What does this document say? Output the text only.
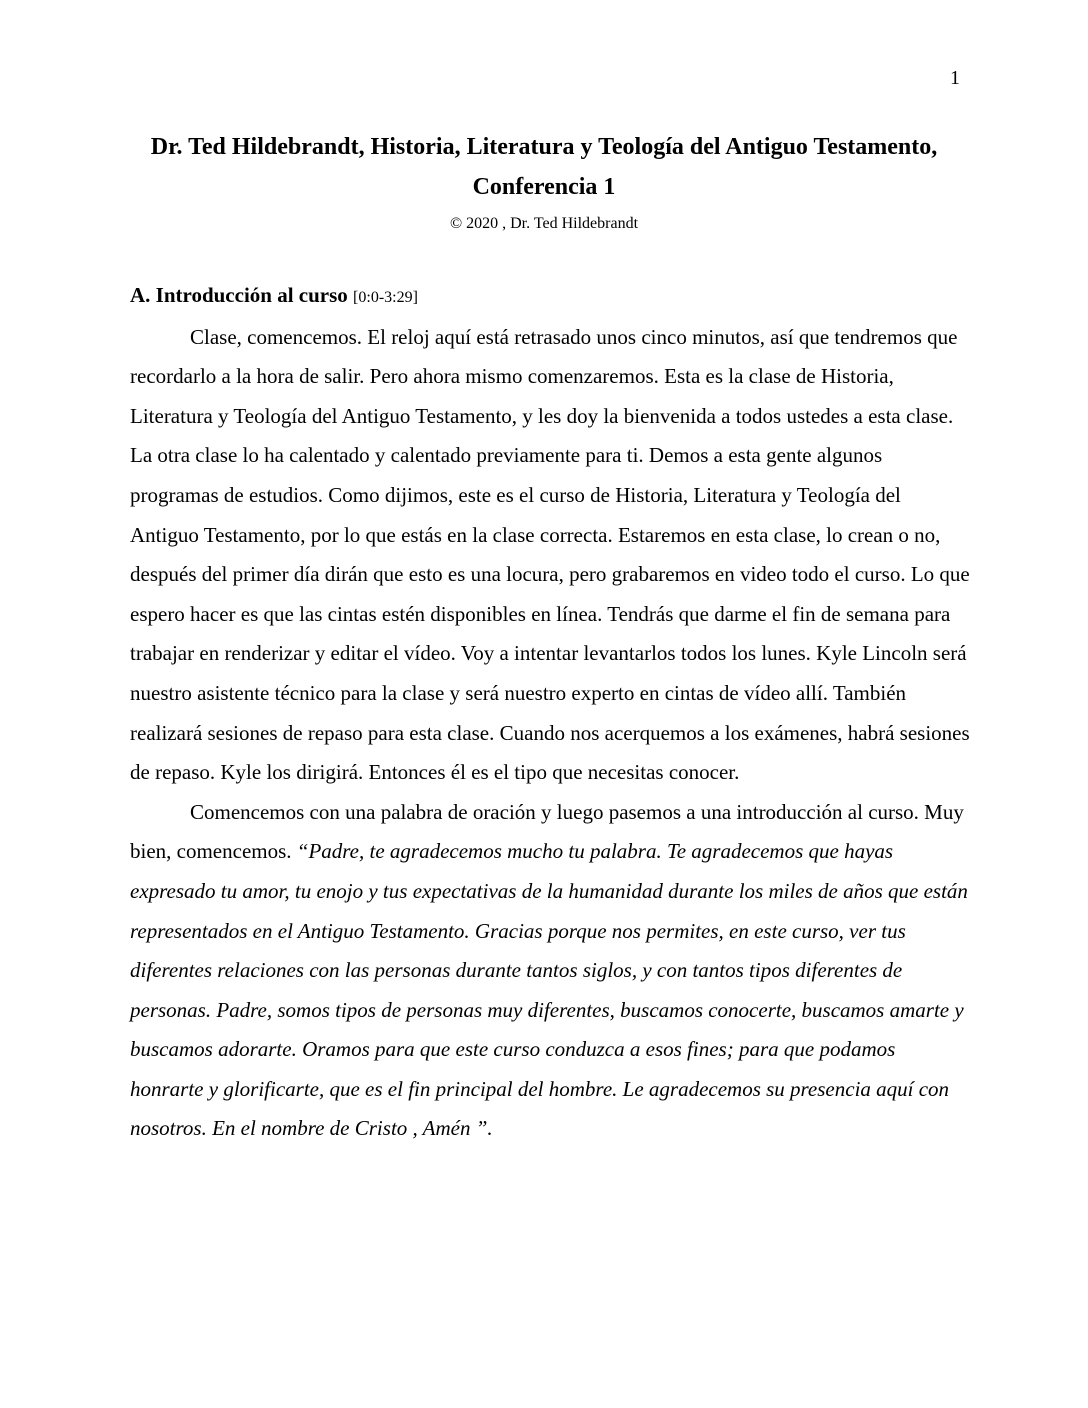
1
Dr. Ted Hildebrandt, Historia, Literatura y Teología del Antiguo Testamento, Conferencia 1
© 2020 , Dr. Ted Hildebrandt

A. Introducción al curso [0:0-3:29]

Clase, comencemos. El reloj aquí está retrasado unos cinco minutos, así que tendremos que recordarlo a la hora de salir. Pero ahora mismo comenzaremos. Esta es la clase de Historia, Literatura y Teología del Antiguo Testamento, y les doy la bienvenida a todos ustedes a esta clase. La otra clase lo ha calentado y calentado previamente para ti. Demos a esta gente algunos programas de estudios. Como dijimos, este es el curso de Historia, Literatura y Teología del Antiguo Testamento, por lo que estás en la clase correcta. Estaremos en esta clase, lo crean o no, después del primer día dirán que esto es una locura, pero grabaremos en video todo el curso. Lo que espero hacer es que las cintas estén disponibles en línea. Tendrás que darme el fin de semana para trabajar en renderizar y editar el vídeo. Voy a intentar levantarlos todos los lunes. Kyle Lincoln será nuestro asistente técnico para la clase y será nuestro experto en cintas de vídeo allí. También realizará sesiones de repaso para esta clase. Cuando nos acerquemos a los exámenes, habrá sesiones de repaso. Kyle los dirigirá. Entonces él es el tipo que necesitas conocer.

Comencemos con una palabra de oración y luego pasemos a una introducción al curso. Muy bien, comencemos. “Padre, te agradecemos mucho tu palabra. Te agradecemos que hayas expresado tu amor, tu enojo y tus expectativas de la humanidad durante los miles de años que están representados en el Antiguo Testamento. Gracias porque nos permites, en este curso, ver tus diferentes relaciones con las personas durante tantos siglos, y con tantos tipos diferentes de personas. Padre, somos tipos de personas muy diferentes, buscamos conocerte, buscamos amarte y buscamos adorarte. Oramos para que este curso conduzca a esos fines; para que podamos honrarte y glorificarte, que es el fin principal del hombre. Le agradecemos su presencia aquí con nosotros. En el nombre de Cristo , Amén ”.
